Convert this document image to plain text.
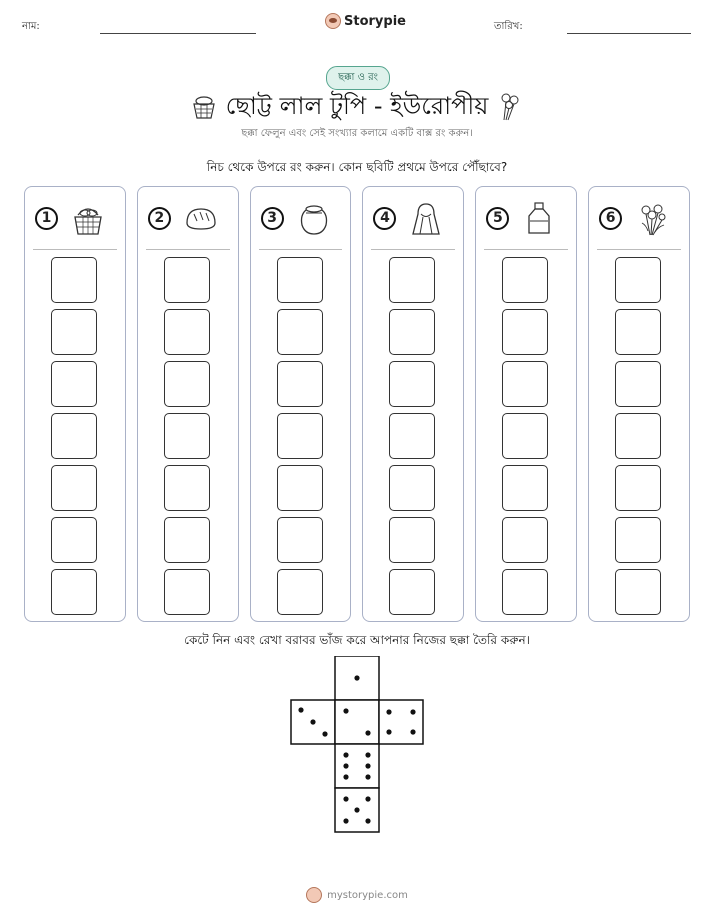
নাম:	Storypie	তারিখ:
ছক্কা ও রং
ছোট্ট লাল টুপি - ইউরোপীয়
ছক্কা ফেলুন এবং সেই সংখ্যার কলামে একটি বাক্স রং করুন।
নিচ থেকে উপরে রং করুন। কোন ছবিটি প্রথমে উপরে পৌঁছাবে?
1	2	3	4	5	6
কেটে নিন এবং রেখা বরাবর ভাঁজ করে আপনার নিজের ছক্কা তৈরি করুন।
mystorypie.com
